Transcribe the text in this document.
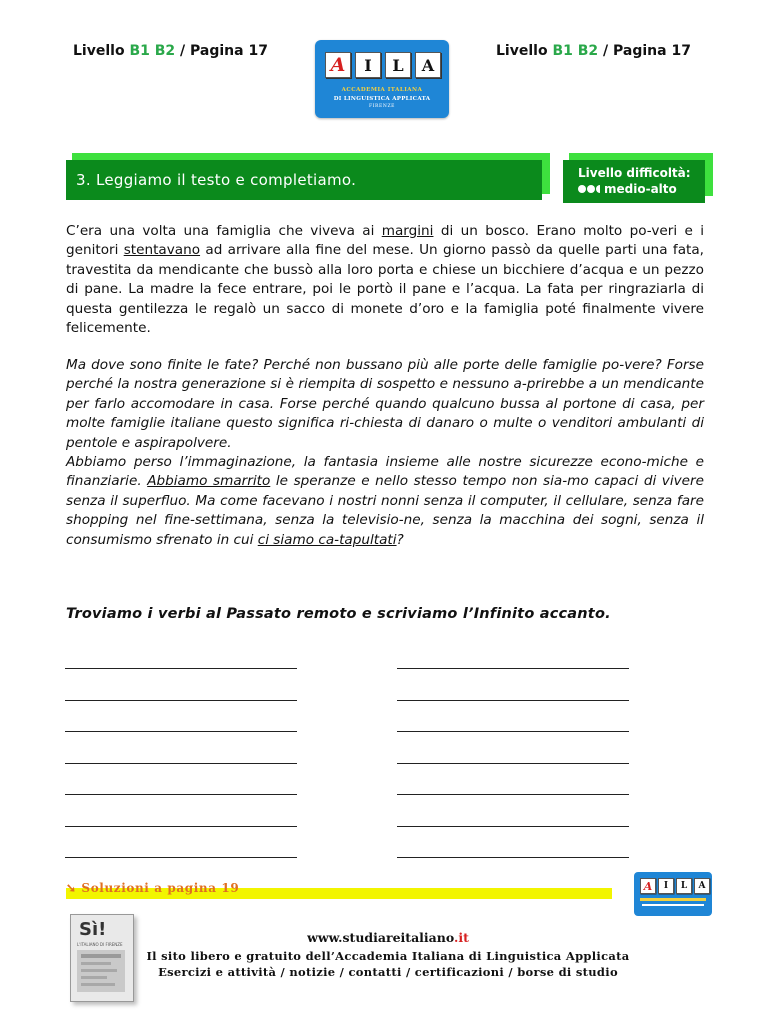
Livello B1 B2 / Pagina 17	Livello B1 B2 / Pagina 17
A	I	L	A
ACCADEMIA ITALIANA
DI LINGUISTICA APPLICATA
FIRENZE
3. Leggiamo il testo e completiamo.	Livello difficoltà:
medio-alto
C’era una volta una famiglia che viveva ai margini di un bosco. Erano molto po-veri e i genitori stentavano ad arrivare alla fine del mese. Un giorno passò da quelle parti una fata, travestita da mendicante che bussò alla loro porta e chiese un bicchiere d’acqua e un pezzo di pane. La madre la fece entrare, poi le portò il pane e l’acqua. La fata per ringraziarla di questa gentilezza le regalò un sacco di monete d’oro e la famiglia poté finalmente vivere felicemente.
Ma dove sono finite le fate? Perché non bussano più alle porte delle famiglie po-vere? Forse perché la nostra generazione si è riempita di sospetto e nessuno a-prirebbe a un mendicante per farlo accomodare in casa. Forse perché quando qualcuno bussa al portone di casa, per molte famiglie italiane questo significa ri-chiesta di danaro o multe o venditori ambulanti di pentole e aspirapolvere.
Abbiamo perso l’immaginazione, la fantasia insieme alle nostre sicurezze econo-miche e finanziarie. Abbiamo smarrito le speranze e nello stesso tempo non sia-mo capaci di vivere senza il superfluo. Ma come facevano i nostri nonni senza il computer, il cellulare, senza fare shopping nel fine-settimana, senza la televisio-ne, senza la macchina dei sogni, senza il consumismo sfrenato in cui ci siamo ca-tapultati?
Troviamo i verbi al Passato remoto e scriviamo l’Infinito accanto.
➘ Soluzioni a pagina 19	A	I	L	A
Sì!
L'ITALIANO DI FIRENZE	www.studiareitaliano.it
Il sito libero e gratuito dell’Accademia Italiana di Linguistica Applicata
Esercizi e attività / notizie / contatti / certificazioni / borse di studio
